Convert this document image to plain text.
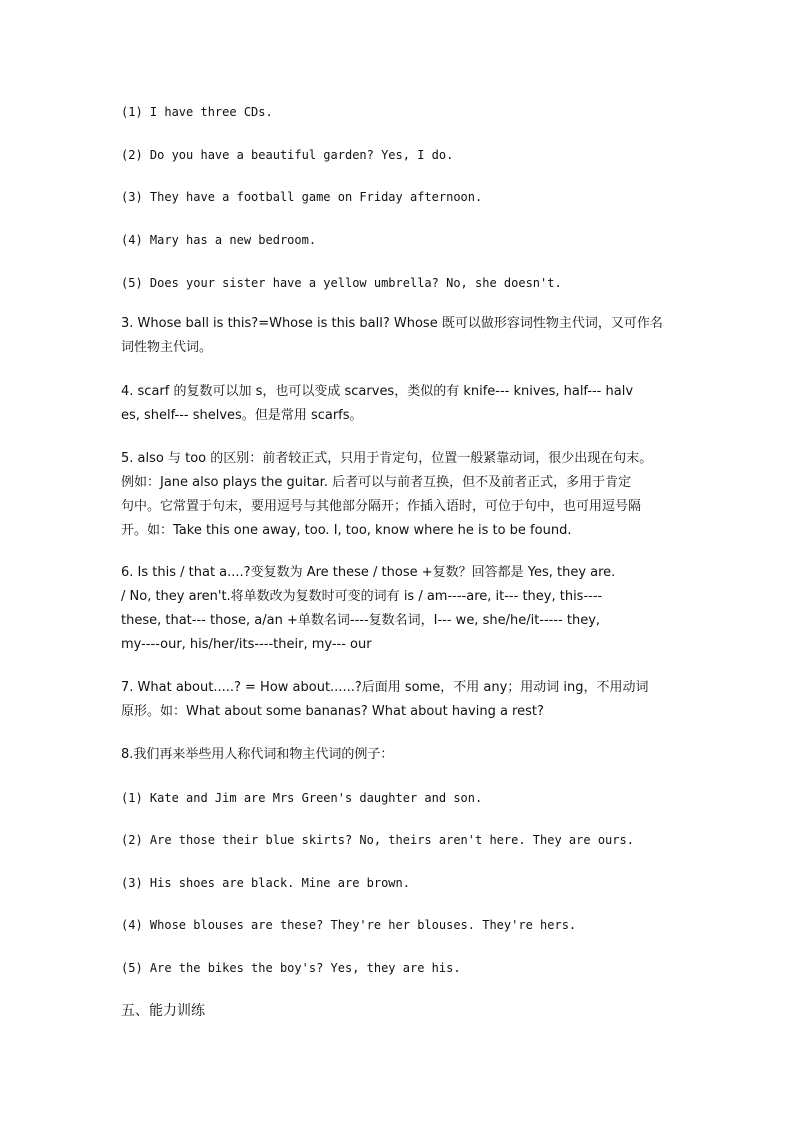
(1) I have three CDs.

(2) Do you have a beautiful garden? Yes, I do.

(3) They have a football game on Friday afternoon.

(4) Mary has a new bedroom.

(5) Does your sister have a yellow umbrella? No, she doesn't.

3. Whose ball is this?=Whose is this ball? Whose 既可以做形容词性物主代词，又可作名

词性物主代词。

4. scarf 的复数可以加 s，也可以变成 scarves，类似的有 knife--- knives, half--- halv

es, shelf--- shelves。但是常用 scarfs。

5. also 与 too 的区别：前者较正式，只用于肯定句，位置一般紧靠动词，很少出现在句末。

例如：Jane also plays the guitar. 后者可以与前者互换，但不及前者正式，多用于肯定

句中。它常置于句末，要用逗号与其他部分隔开；作插入语时，可位于句中，也可用逗号隔

开。如：Take this one away, too. I, too, know where he is to be found.

6. Is this / that a....?变复数为 Are these / those +复数？回答都是 Yes, they are.

/ No, they aren't.将单数改为复数时可变的词有 is / am----are, it--- they, this----

these, that--- those, a/an +单数名词----复数名词，I--- we, she/he/it----- they,

my----our, his/her/its----their, my--- our

7. What about.....? = How about......?后面用 some，不用 any；用动词 ing，不用动词

原形。如：What about some bananas? What about having a rest?

8.我们再来举些用人称代词和物主代词的例子：

(1) Kate and Jim are Mrs Green's daughter and son.

(2) Are those their blue skirts? No, theirs aren't here. They are ours.

(3) His shoes are black. Mine are brown.

(4) Whose blouses are these? They're her blouses. They're hers.

(5) Are the bikes the boy's? Yes, they are his.

五、能力训练
